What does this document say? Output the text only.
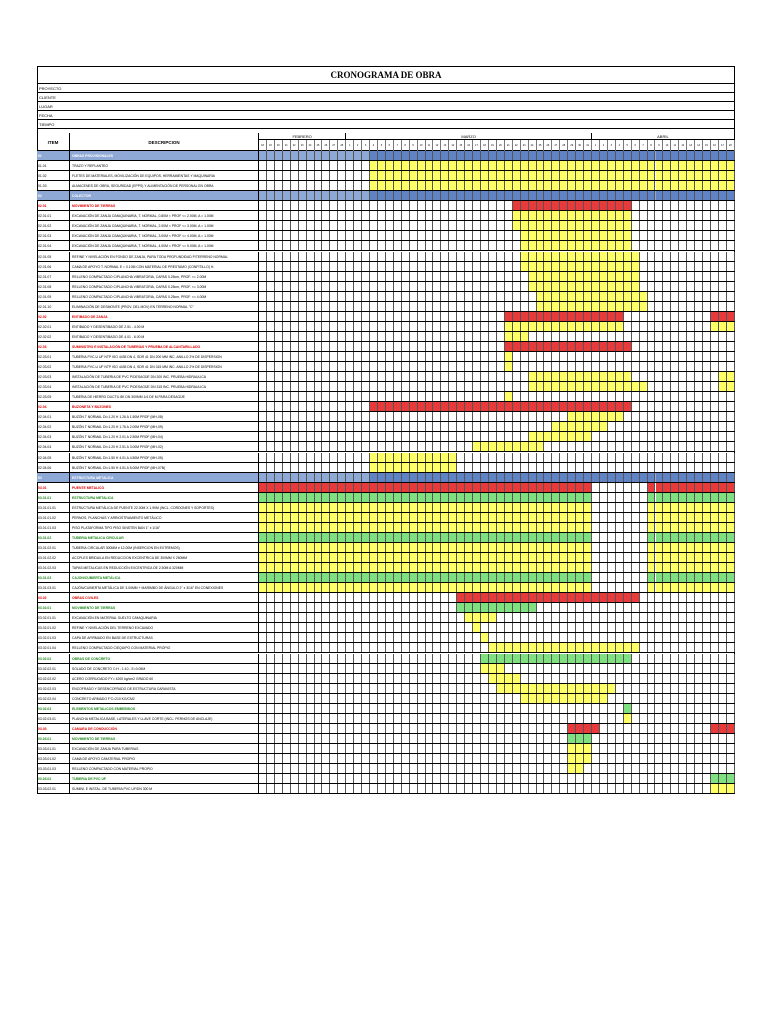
CRONOGRAMA DE OBRA
ITEM	DESCRIPCION
FEBRERO
18	19	20	21	22	23	24	25	26	27	28
MARZO
1	2	3	4	5	6	7	8	9	10	11	12	13	14	15	16	17	18	19	20	21	22	23	24	25	26	27	28	29	30	31
ABRIL
1	2	3	4	5	6	7	8	9	10	11	12	13	14	15	16	17	18
01	OBRAS PROVISIONALES
01.01	TRAZO Y REPLANTEO
01.02	FLETES DE MATERIALES, MOVILIZACIÓN DE EQUIPOS, HERRAMIENTAS Y MAQUINARIA
01.03	ALMACENES DE OBRA, SEGURIDAD (EPPS) Y ALIMENTACIÓN DE PERSONAL EN OBRA
02	COLECTOR
02.01	MOVIMIENTO DE TIERRAS
02.01.01	EXCAVACIÓN DE ZANJA C/MAQUINARIA, T. NORMAL, 0.80M < PROF <= 2.00M, A = 1.00M
02.01.02	EXCAVACIÓN DE ZANJA C/MAQUINARIA, T. NORMAL, 2.00M < PROF <= 3.00M, A = 1.00M
02.01.03	EXCAVACIÓN DE ZANJA C/MAQUINARIA, T. NORMAL, 3.00M < PROF <= 4.00M, A = 1.00M
02.01.04	EXCAVACIÓN DE ZANJA C/MAQUINARIA, T. NORMAL, 4.00M < PROF <= 5.00M, A = 1.00M
02.01.05	REFINE Y NIVELACIÓN EN FONDO DE ZANJA, PARA TODA PROFUNDIDAD P/TERRENO NORMAL
02.01.06	CAMA DE APOYO T. NORMAL E = 0.10M CON MATERIAL DE PRESTAMO (CONFITILLO) H.
02.01.07	RELLENO COMPACTADO C/PLANCHA VIBRATORIA, CAPAS 0.25cm, PROF. <= 2.00M
02.01.08	RELLENO COMPACTADO C/PLANCHA VIBRATORIA, CAPAS 0.25cm, PROF. <= 3.00M
02.01.09	RELLENO COMPACTADO C/PLANCHA VIBRATORIA, CAPAS 0.25cm, PROF. <= 4.00M
02.01.10	ELIMINACIÓN DE DESMONTE (PROV. DEL MOV) EN TERRENO NORMAL "C"
02.02	ENTIBADO DE ZANJA
02.02.01	ENTIBADO Y DESENTIBADO DE 2.51 - 4.00 M
02.02.02	ENTIBADO Y DESENTIBADO DE 4.01 - 6.00 M
02.03	SUMINISTRO E INSTALACIÓN DE TUBERÍAS Y PRUEBA DE ALCANTARILLADO
02.03.01	TUBERIA PVC-U UF NTP ISO 4435 DN 4, SDR 41 DN 200 MM INC. ANILLO 2% DE DISPERSION
02.03.02	TUBERIA PVC-U UF NTP ISO 4435 DN 4, SDR 41 DN 315 MM INC. ANILLO 2% DE DISPERSION
02.03.03	INSTALACIÓN DE TUBERIA DE PVC P/DESAGÜE DN 200 INC. PRUEBA HIDRAULICA
02.03.04	INSTALACIÓN DE TUBERIA DE PVC P/DESAGÜE DN 315 INC. PRUEBA HIDRAULICA
02.03.05	TUBERIA DE HIERRO DUCTIL 8K DN 300MM 1/4 DE M PARA DESAGÜE
02.04	BUZONETA Y BUZONES
02.04.01	BUZÓN T NORMAL DI=1.20 H 1.26 A 1.50M PROF (MH-08)
02.04.02	BUZÓN T NORMAL DI=1.20 H 1.76 A 2.00M PROF (MH-09)
02.04.03	BUZÓN T NORMAL DI=1.20 H 2.01 A 2.50M PROF (MH-04)
02.04.04	BUZÓN T NORMAL DI=1.20 H 2.51 A 3.00M PROF (MH-02)
02.04.05	BUZÓN T NORMAL DI=1.50 H 4.01 A 4.50M PROF (MH-05)
02.04.06	BUZÓN T NORMAL DI=1.50 H 4.51 A 5.00M PROF (MH-07B)
03	ESTRUCTURA METALICA
03.01	PUENTE METALICO
03.01.01	ESTRUCTURA METALICA
03.01.01.01	ESTRUCTURA METÁLICA DE PUENTE 22.00M X 1.90M (INCL. CORDONES Y SOPORTES)
03.01.01.02	PERNOS, PLANCHAS Y ARRIOSTRAMIENTO METÁLICO
03.01.01.03	PISO PLATAFORMA TIPO PISO SINSTEN BAN 1" x 1/16"
03.01.02	TUBERIA METALICA CIRCULAR
03.01.02.01	TUBERIA CIRCULAR 300MM e 12.00M (INSERCION EN EXTREMOS)
03.01.02.02	ACCPLES BRIDA/LA EN REDUCCION EXCENTRICA DE 300MM X 250MM
03.01.02.03	TAPAS METALICAS EN REDUCCIÓN EXCENTRICA DE 2.50M A 320MM
03.01.03	CAJON/CUBIERTA METÁLICA
03.01.03.01	CAJÓN/CUBIERTA METÁLICA DE 3.00MM + MARIMBO DE ÁNGULO 2" x 3/16" EN CONEXIONES
03.02	OBRAS CIVILES
03.02.01	MOVIMIENTO DE TIERRAS
03.02.01.01	EXCAVACIÓN EN MATERIAL SUELTO C/MAQUINARIA
03.02.01.02	REFINE Y NIVELACIÓN DEL TERRENO EXCAVADO
03.02.01.03	CAPA DE AFIRMADO EN BASE DE ESTRUCTURAS
03.02.01.04	RELLENO COMPACTADO C/EQUIPO CON MATERIAL PROPIO
03.02.02	OBRAS DE CONCRETO
03.02.02.01	SOLADO DE CONCRETO C:H - 1:10 - E=0.05M
03.02.02.02	ACERO CORRUGADO FY= 4200 kg/cm2 GRADO 60
03.02.02.03	ENCOFRADO Y DESENCOFRADO DE ESTRUCTURA CARAVISTA
03.02.02.04	CONCRETO ARMADO F'C=210 KG/CM2
03.02.03	ELEMENTOS METALICOS EMBEBIDOS
03.02.03.01	PLANCHA METALICA BASE, LATERALES Y LLAVE CORTE (INCL. PERNOS DE ANCLAJE)
03.03	CAMARA DE CONDUCCIÓN
03.03.01	MOVIMIENTO DE TIERRAS
03.03.01.01	EXCAVACIÓN DE ZANJA PARA TUBERIAS
03.03.01.02	CAMA DE APOYO C/MATERIAL PROPIO
03.03.01.03	RELLENO COMPACTADO CON MATERIAL PROPIO
03.03.02	TUBERIA DE PVC UF
03.03.02.01	SUMINI. E INSTAL. DE TUBERIA PVC UF/DN 300 M
PROYECTO
CLIENTE
LUGAR
FECHA
TIEMPO
